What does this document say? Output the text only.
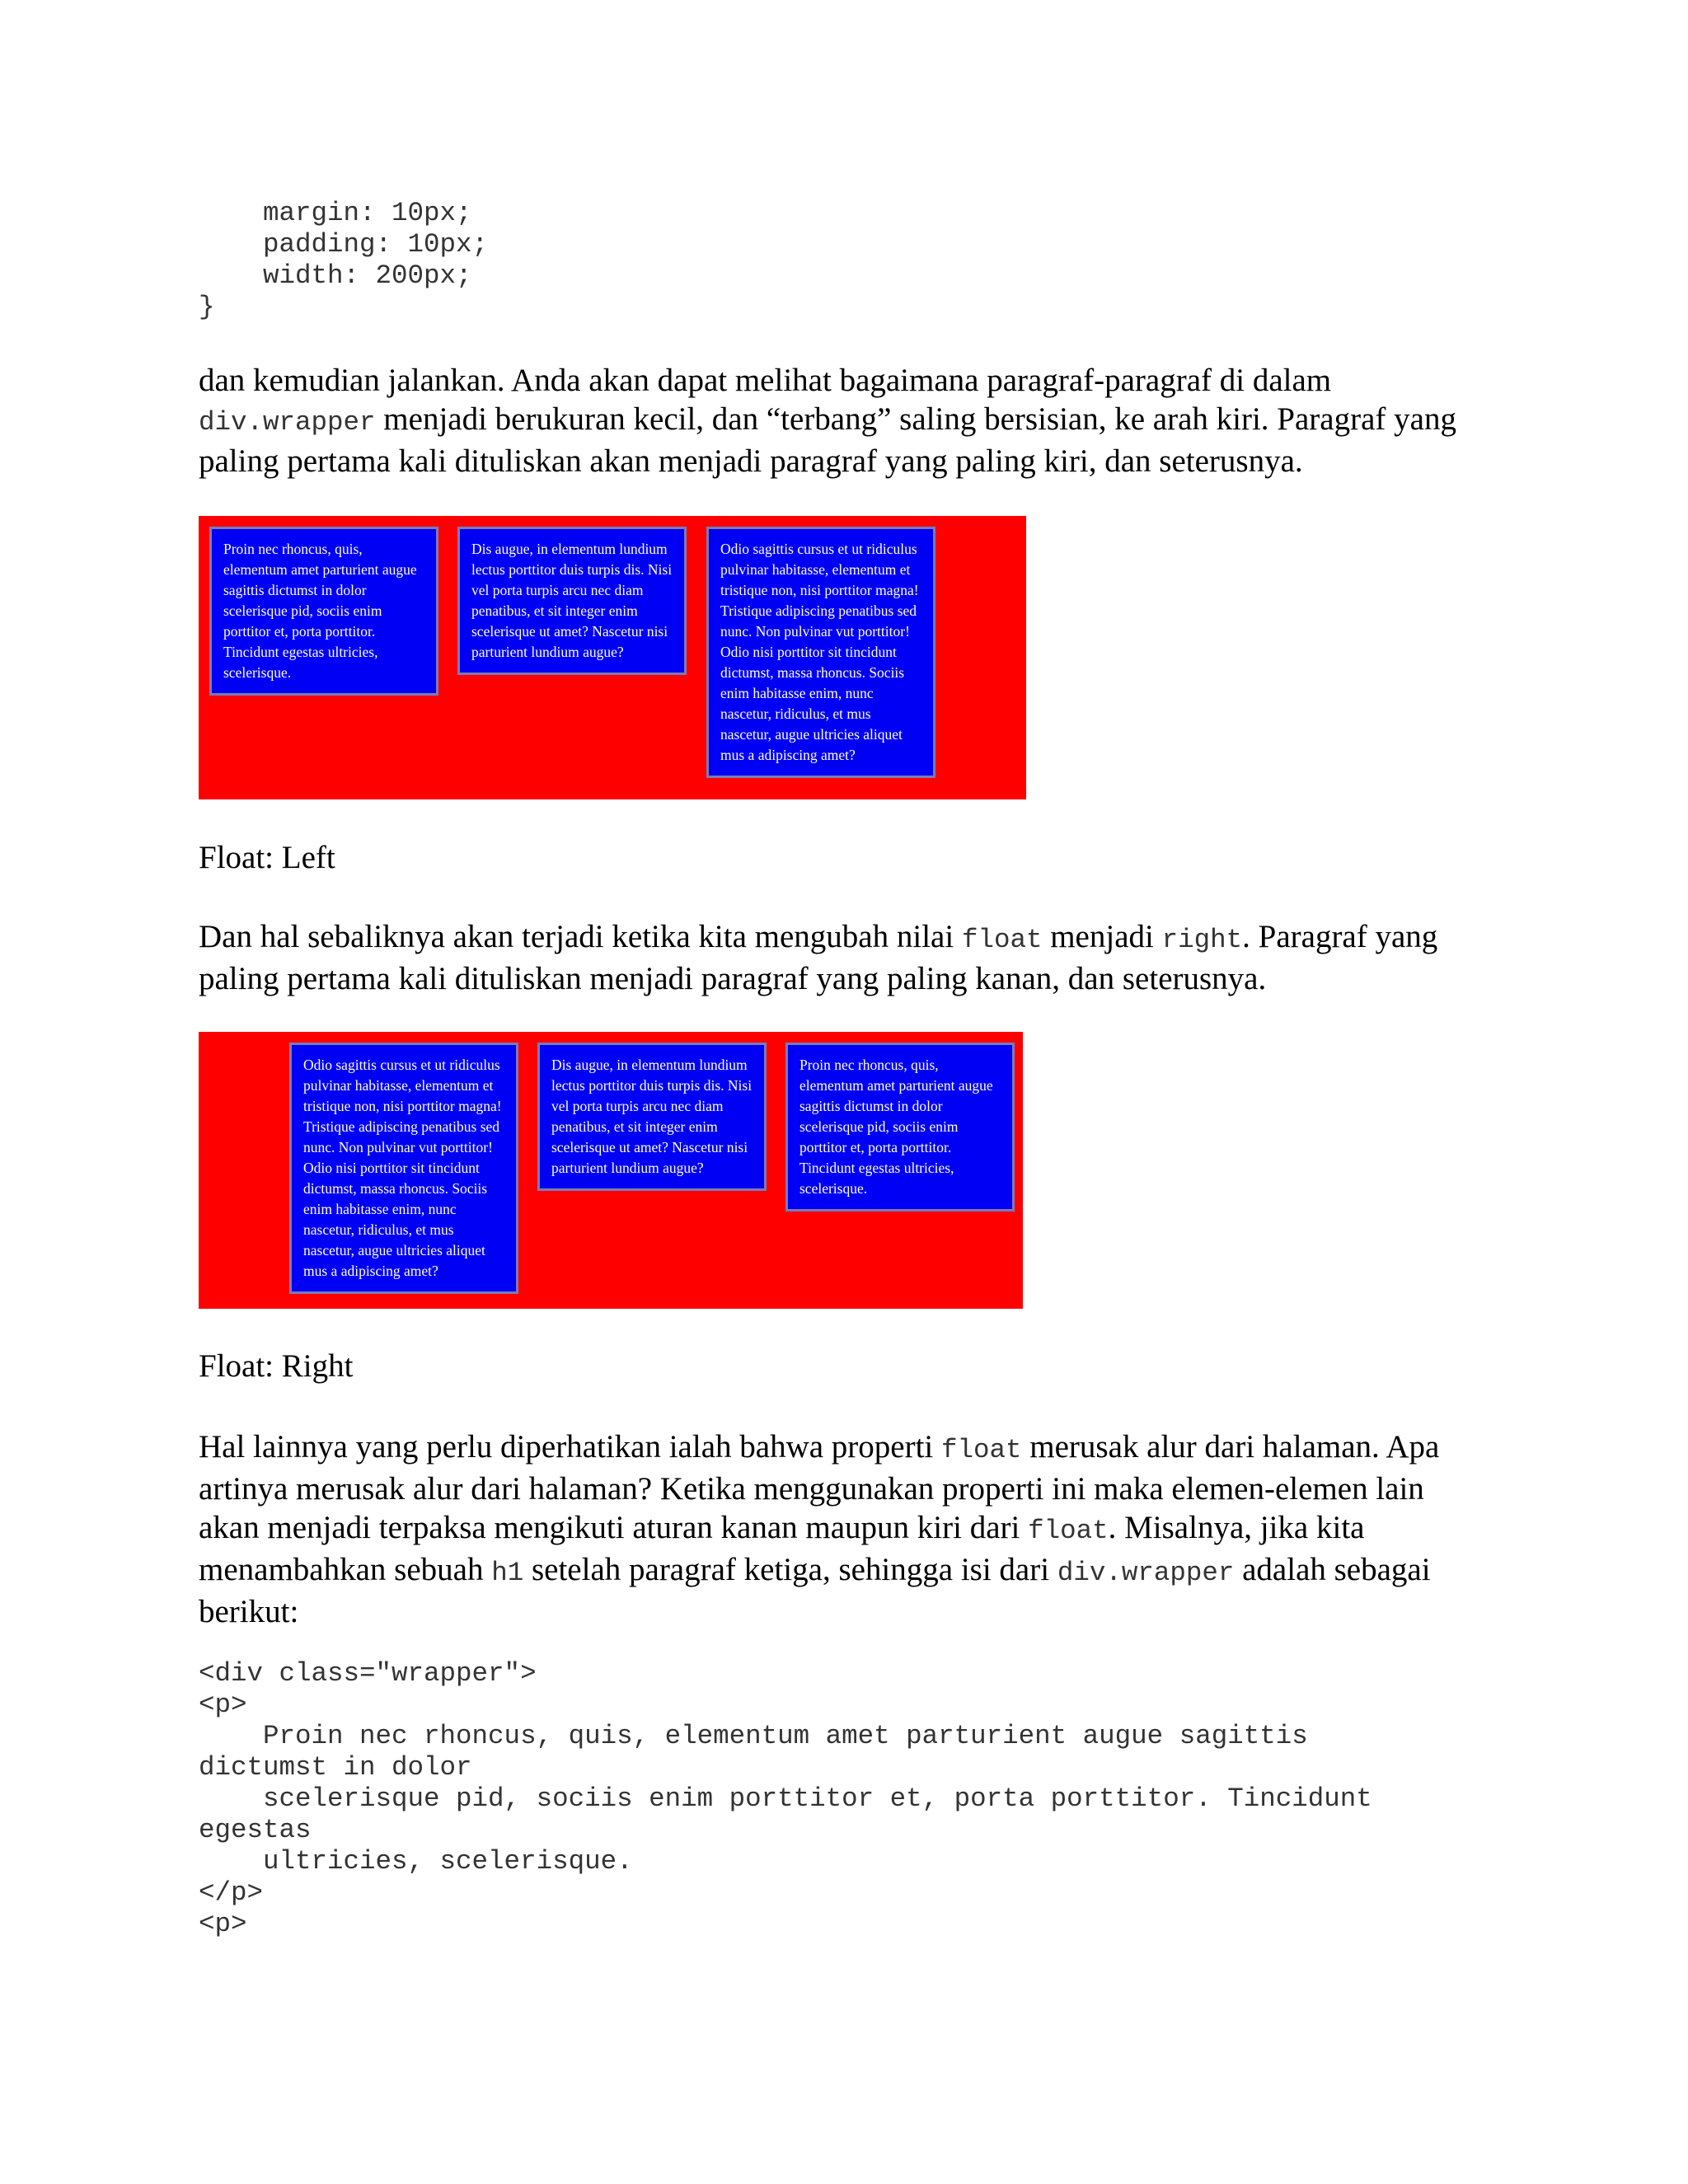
margin: 10px;
padding: 10px;
width: 200px;
}

dan kemudian jalankan. Anda akan dapat melihat bagaimana paragraf-paragraf di dalam div.wrapper menjadi berukuran kecil, dan “terbang” saling bersisian, ke arah kiri. Paragraf yang paling pertama kali dituliskan akan menjadi paragraf yang paling kiri, dan seterusnya.

Proin nec rhoncus, quis, elementum amet parturient augue sagittis dictumst in dolor scelerisque pid, sociis enim porttitor et, porta porttitor. Tincidunt egestas ultricies, scelerisque.
Dis augue, in elementum lundium lectus porttitor duis turpis dis. Nisi vel porta turpis arcu nec diam penatibus, et sit integer enim scelerisque ut amet? Nascetur nisi parturient lundium augue?
Odio sagittis cursus et ut ridiculus pulvinar habitasse, elementum et tristique non, nisi porttitor magna! Tristique adipiscing penatibus sed nunc. Non pulvinar vut porttitor! Odio nisi porttitor sit tincidunt dictumst, massa rhoncus. Sociis enim habitasse enim, nunc nascetur, ridiculus, et mus nascetur, augue ultricies aliquet mus a adipiscing amet?

Float: Left

Dan hal sebaliknya akan terjadi ketika kita mengubah nilai float menjadi right. Paragraf yang paling pertama kali dituliskan menjadi paragraf yang paling kanan, dan seterusnya.

Odio sagittis cursus et ut ridiculus pulvinar habitasse, elementum et tristique non, nisi porttitor magna! Tristique adipiscing penatibus sed nunc. Non pulvinar vut porttitor! Odio nisi porttitor sit tincidunt dictumst, massa rhoncus. Sociis enim habitasse enim, nunc nascetur, ridiculus, et mus nascetur, augue ultricies aliquet mus a adipiscing amet?
Dis augue, in elementum lundium lectus porttitor duis turpis dis. Nisi vel porta turpis arcu nec diam penatibus, et sit integer enim scelerisque ut amet? Nascetur nisi parturient lundium augue?
Proin nec rhoncus, quis, elementum amet parturient augue sagittis dictumst in dolor scelerisque pid, sociis enim porttitor et, porta porttitor. Tincidunt egestas ultricies, scelerisque.

Float: Right

Hal lainnya yang perlu diperhatikan ialah bahwa properti float merusak alur dari halaman. Apa artinya merusak alur dari halaman? Ketika menggunakan properti ini maka elemen-elemen lain akan menjadi terpaksa mengikuti aturan kanan maupun kiri dari float. Misalnya, jika kita menambahkan sebuah h1 setelah paragraf ketiga, sehingga isi dari div.wrapper adalah sebagai berikut:

<div class="wrapper">
<p>
Proin nec rhoncus, quis, elementum amet parturient augue sagittis
dictumst in dolor
scelerisque pid, sociis enim porttitor et, porta porttitor. Tincidunt
egestas
ultricies, scelerisque.
</p>
<p>
